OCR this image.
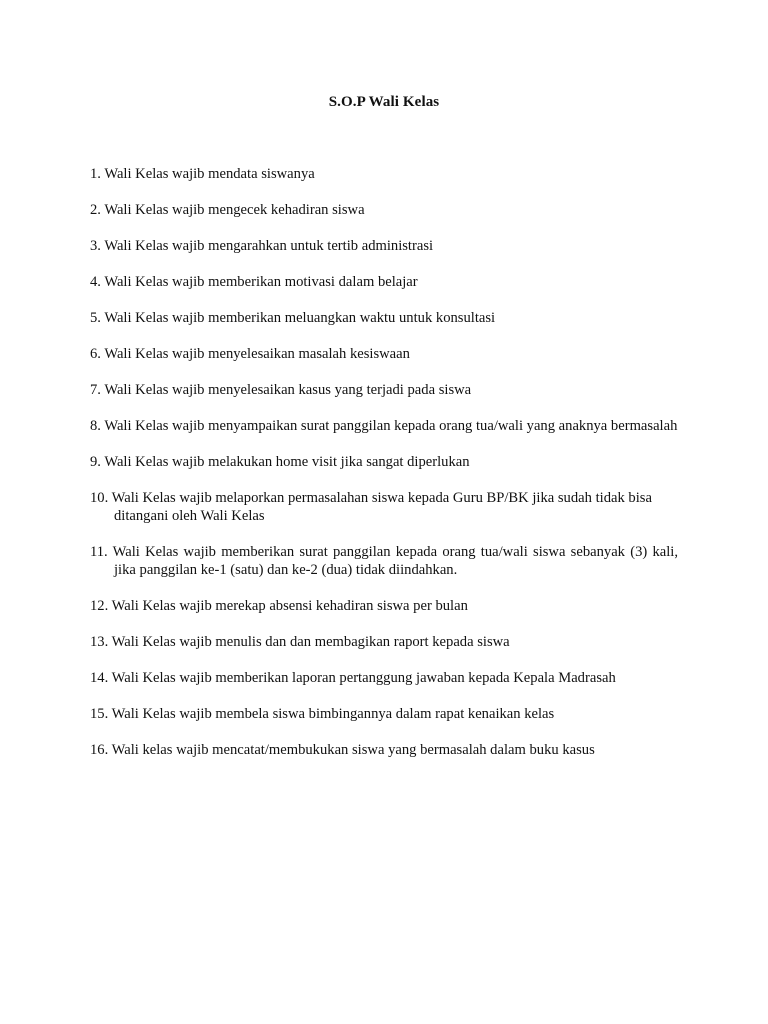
S.O.P Wali Kelas
1. Wali Kelas wajib mendata siswanya
2. Wali Kelas wajib mengecek kehadiran siswa
3. Wali Kelas wajib mengarahkan untuk tertib administrasi
4. Wali Kelas wajib memberikan motivasi dalam belajar
5. Wali Kelas wajib memberikan meluangkan waktu untuk konsultasi
6. Wali Kelas wajib menyelesaikan masalah kesiswaan
7. Wali Kelas wajib menyelesaikan kasus yang terjadi pada siswa
8. Wali Kelas wajib menyampaikan surat panggilan kepada orang tua/wali yang anaknya bermasalah
9. Wali Kelas wajib melakukan home visit jika sangat diperlukan
10. Wali Kelas wajib melaporkan permasalahan siswa kepada Guru BP/BK jika sudah tidak bisa ditangani oleh Wali Kelas
11. Wali Kelas wajib memberikan surat panggilan kepada orang tua/wali siswa sebanyak (3) kali, jika panggilan ke-1 (satu) dan ke-2 (dua) tidak diindahkan.
12. Wali Kelas wajib merekap absensi kehadiran siswa per bulan
13. Wali Kelas wajib menulis dan dan membagikan raport kepada siswa
14. Wali Kelas wajib memberikan laporan pertanggung jawaban kepada Kepala Madrasah
15. Wali Kelas wajib membela siswa bimbingannya dalam rapat kenaikan kelas
16. Wali kelas wajib mencatat/membukukan siswa yang bermasalah dalam buku kasus
